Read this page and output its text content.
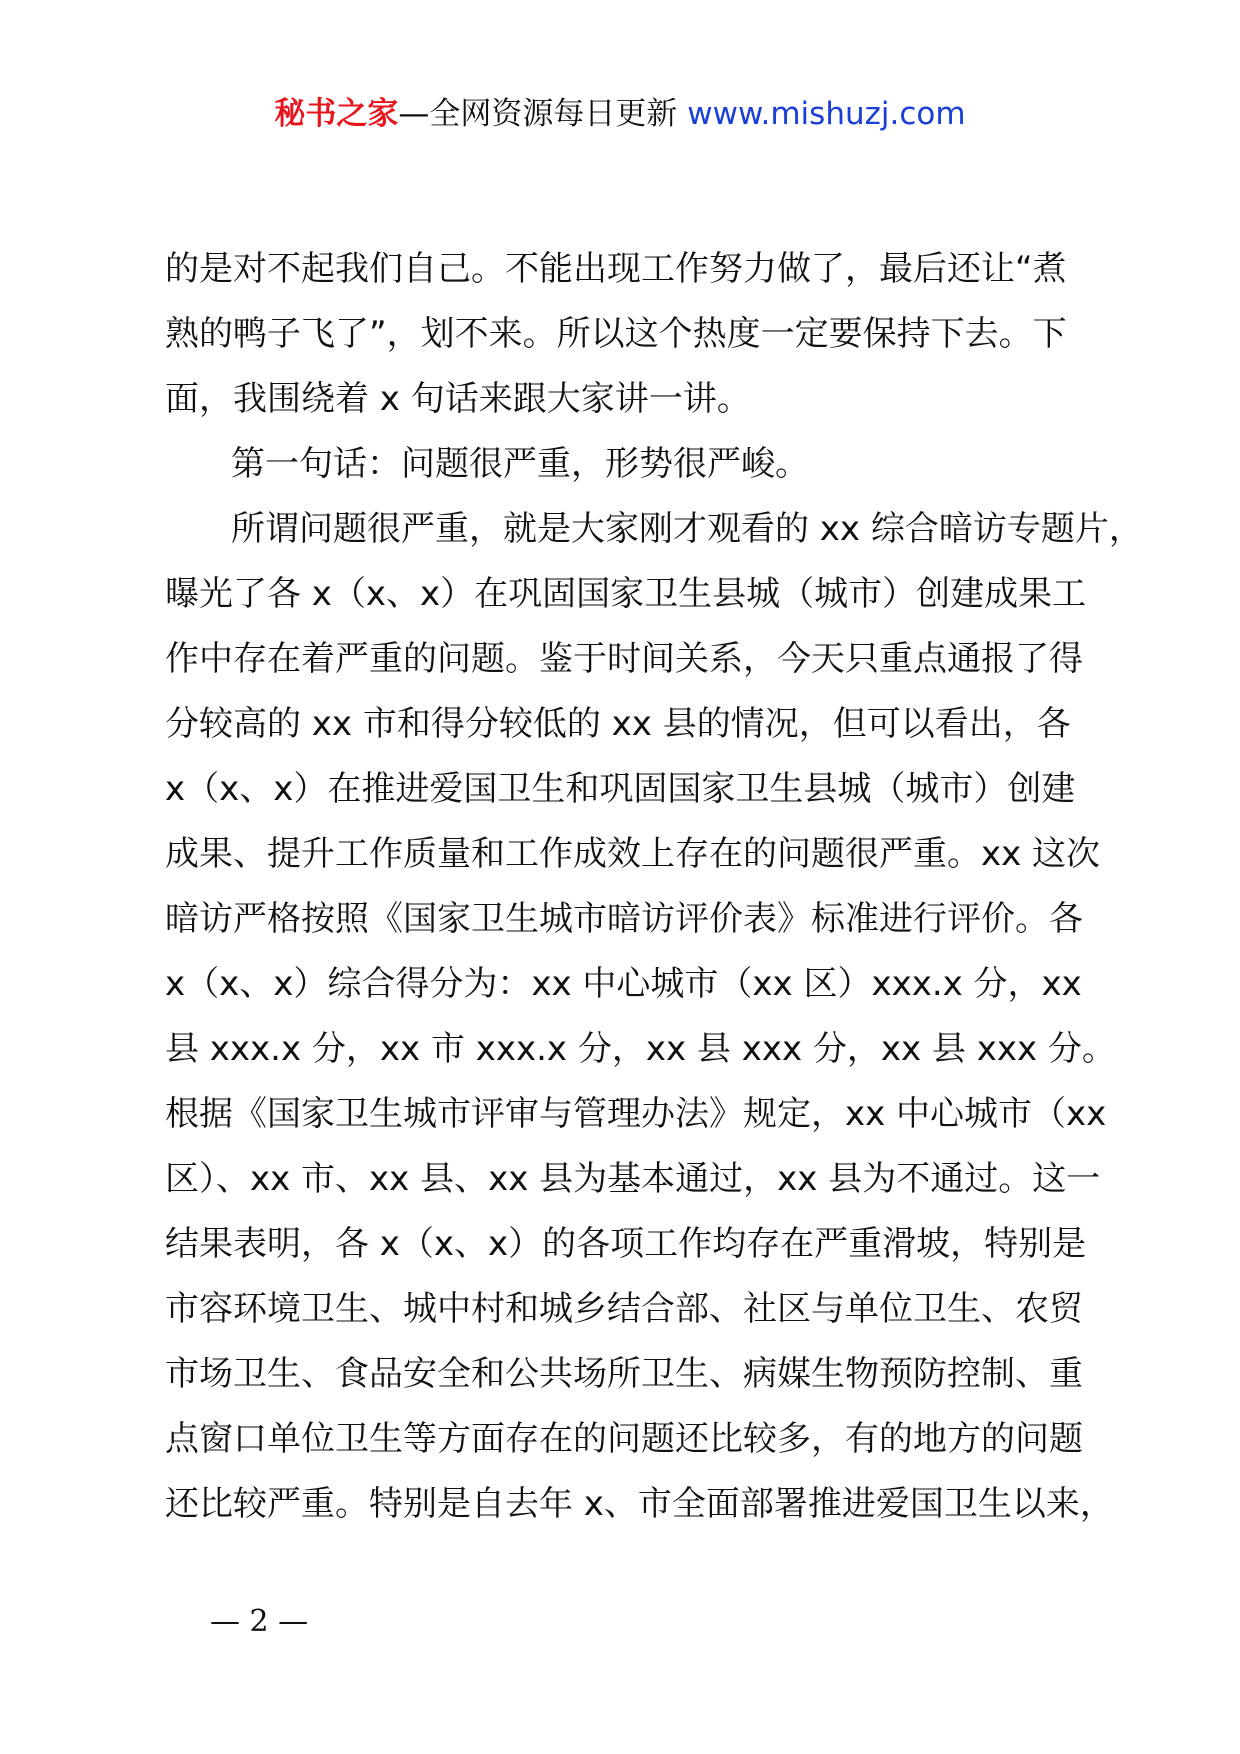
秘书之家—全网资源每日更新 www.mishuzj.com
的是对不起我们自己。不能出现工作努力做了，最后还让“煮
熟的鸭子飞了”，划不来。所以这个热度一定要保持下去。下
面，我围绕着 x 句话来跟大家讲一讲。
第一句话：问题很严重，形势很严峻。
所谓问题很严重，就是大家刚才观看的 xx 综合暗访专题片，
曝光了各 x（x、x）在巩固国家卫生县城（城市）创建成果工
作中存在着严重的问题。鉴于时间关系，今天只重点通报了得
分较高的 xx 市和得分较低的 xx 县的情况，但可以看出，各
x（x、x）在推进爱国卫生和巩固国家卫生县城（城市）创建
成果、提升工作质量和工作成效上存在的问题很严重。xx 这次
暗访严格按照《国家卫生城市暗访评价表》标准进行评价。各
x（x、x）综合得分为：xx 中心城市（xx 区）xxx.x 分，xx
县 xxx.x 分，xx 市 xxx.x 分，xx 县 xxx 分，xx 县 xxx 分。
根据《国家卫生城市评审与管理办法》规定，xx 中心城市（xx
区）、xx 市、xx 县、xx 县为基本通过，xx 县为不通过。这一
结果表明，各 x（x、x）的各项工作均存在严重滑坡，特别是
市容环境卫生、城中村和城乡结合部、社区与单位卫生、农贸
市场卫生、食品安全和公共场所卫生、病媒生物预防控制、重
点窗口单位卫生等方面存在的问题还比较多，有的地方的问题
还比较严重。特别是自去年 x、市全面部署推进爱国卫生以来，
— 2 —
